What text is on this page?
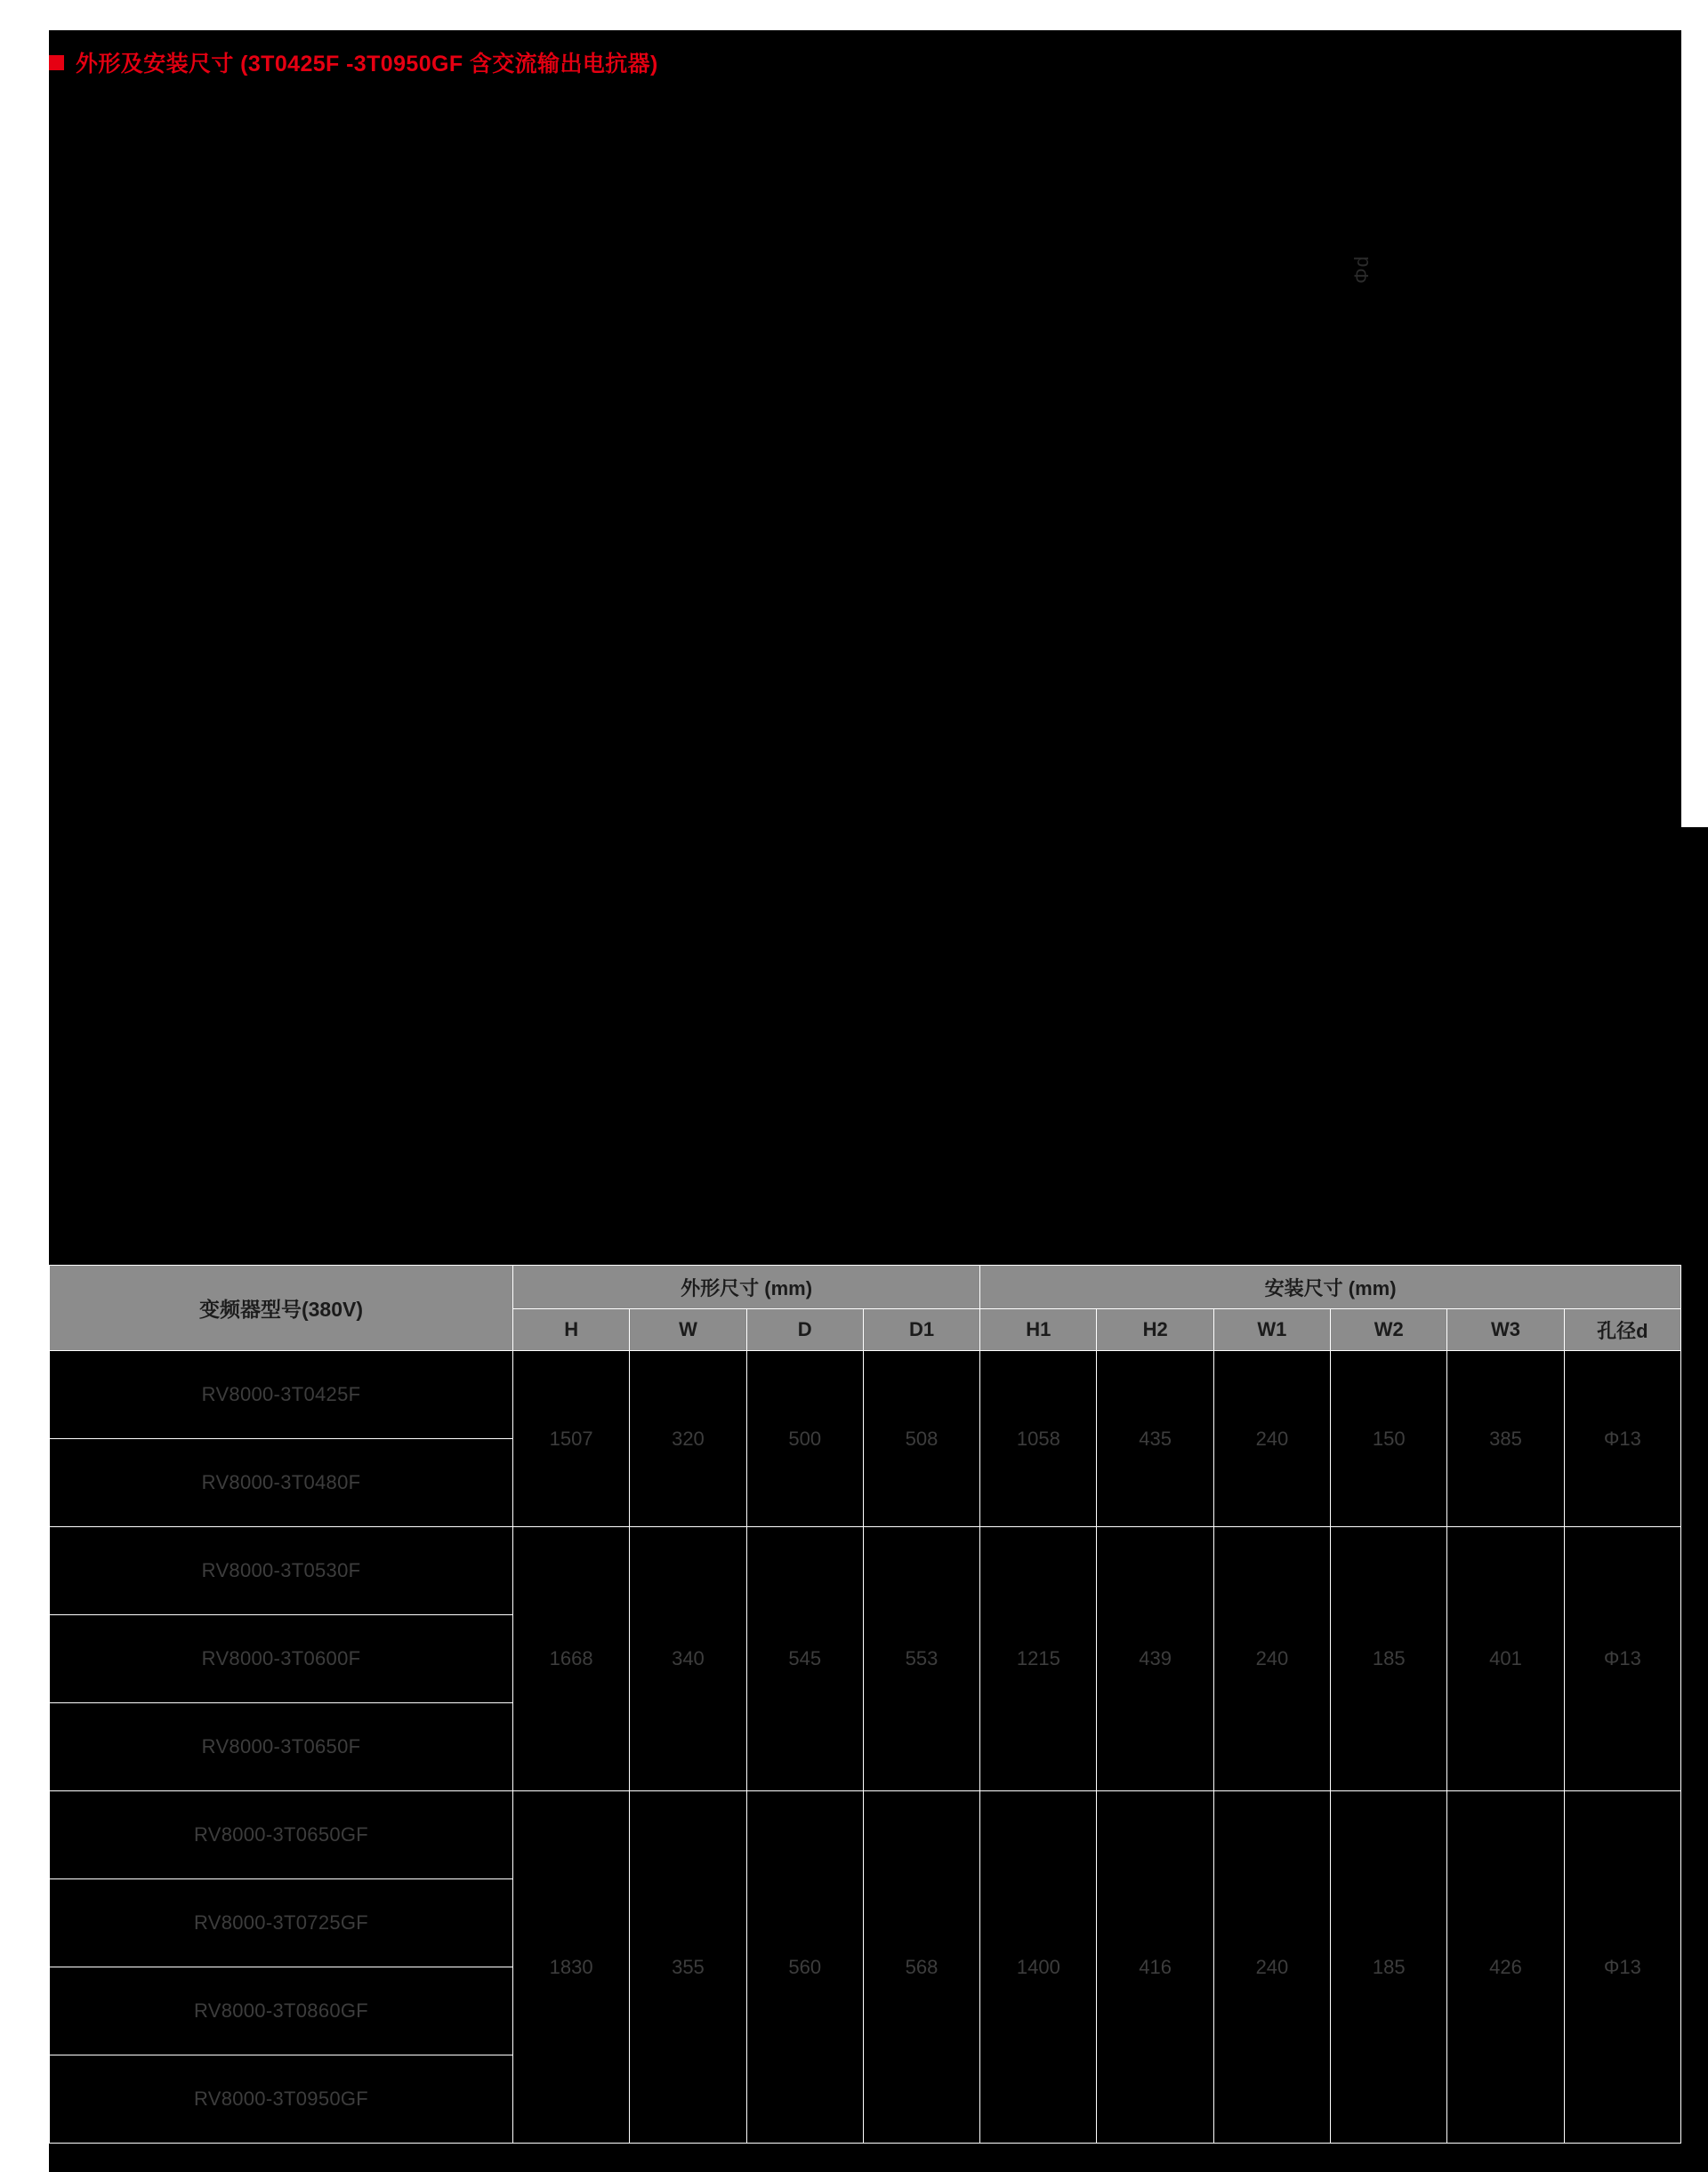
外形及安装尺寸 (3T0425F -3T0950GF 含交流输出电抗器)
Φd
变频器型号(380V)	外形尺寸 (mm)				安装尺寸 (mm)					
	H	W	D	D1	H1	H2	W1	W2	W3	孔径d
RV8000-3T0425F	1507	320	500	508	1058	435	240	150	385	Φ13
RV8000-3T0480F										
RV8000-3T0530F	1668	340	545	553	1215	439	240	185	401	Φ13
RV8000-3T0600F										
RV8000-3T0650F										
RV8000-3T0650GF	1830	355	560	568	1400	416	240	185	426	Φ13
RV8000-3T0725GF										
RV8000-3T0860GF										
RV8000-3T0950GF										
